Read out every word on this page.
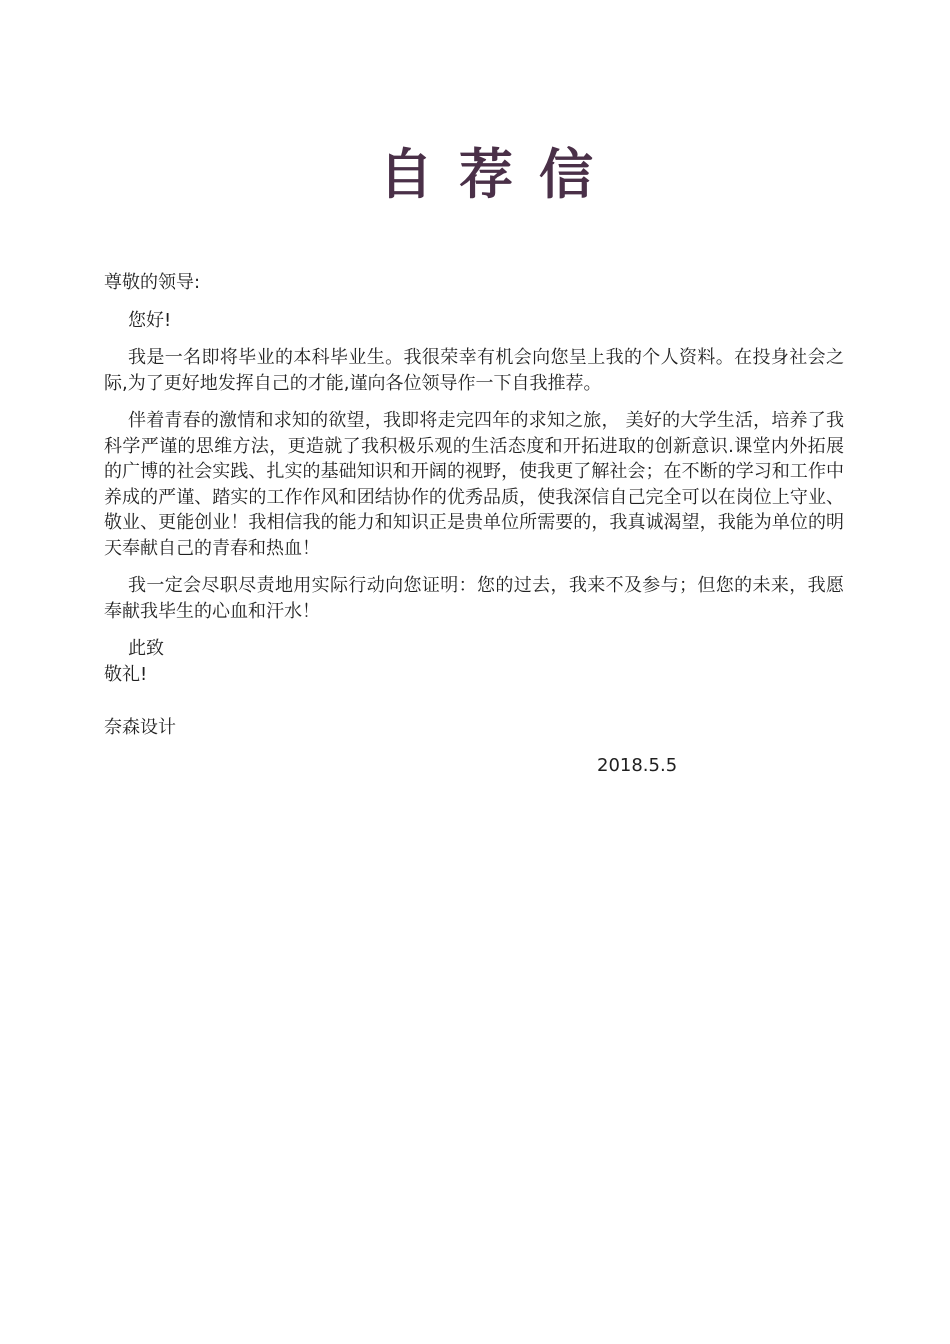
自荐信

尊敬的领导:

您好!

我是一名即将毕业的本科毕业生。我很荣幸有机会向您呈上我的个人资料。在投身社会之际,为了更好地发挥自己的才能,谨向各位领导作一下自我推荐。

伴着青春的激情和求知的欲望，我即将走完四年的求知之旅， 美好的大学生活，培养了我科学严谨的思维方法，更造就了我积极乐观的生活态度和开拓进取的创新意识.课堂内外拓展的广博的社会实践、扎实的基础知识和开阔的视野，使我更了解社会；在不断的学习和工作中养成的严谨、踏实的工作作风和团结协作的优秀品质，使我深信自己完全可以在岗位上守业、敬业、更能创业！我相信我的能力和知识正是贵单位所需要的，我真诚渴望，我能为单位的明天奉献自己的青春和热血！

我一定会尽职尽责地用实际行动向您证明：您的过去，我来不及参与；但您的未来，我愿奉献我毕生的心血和汗水！

此致

敬礼!

奈森设计

2018.5.5
